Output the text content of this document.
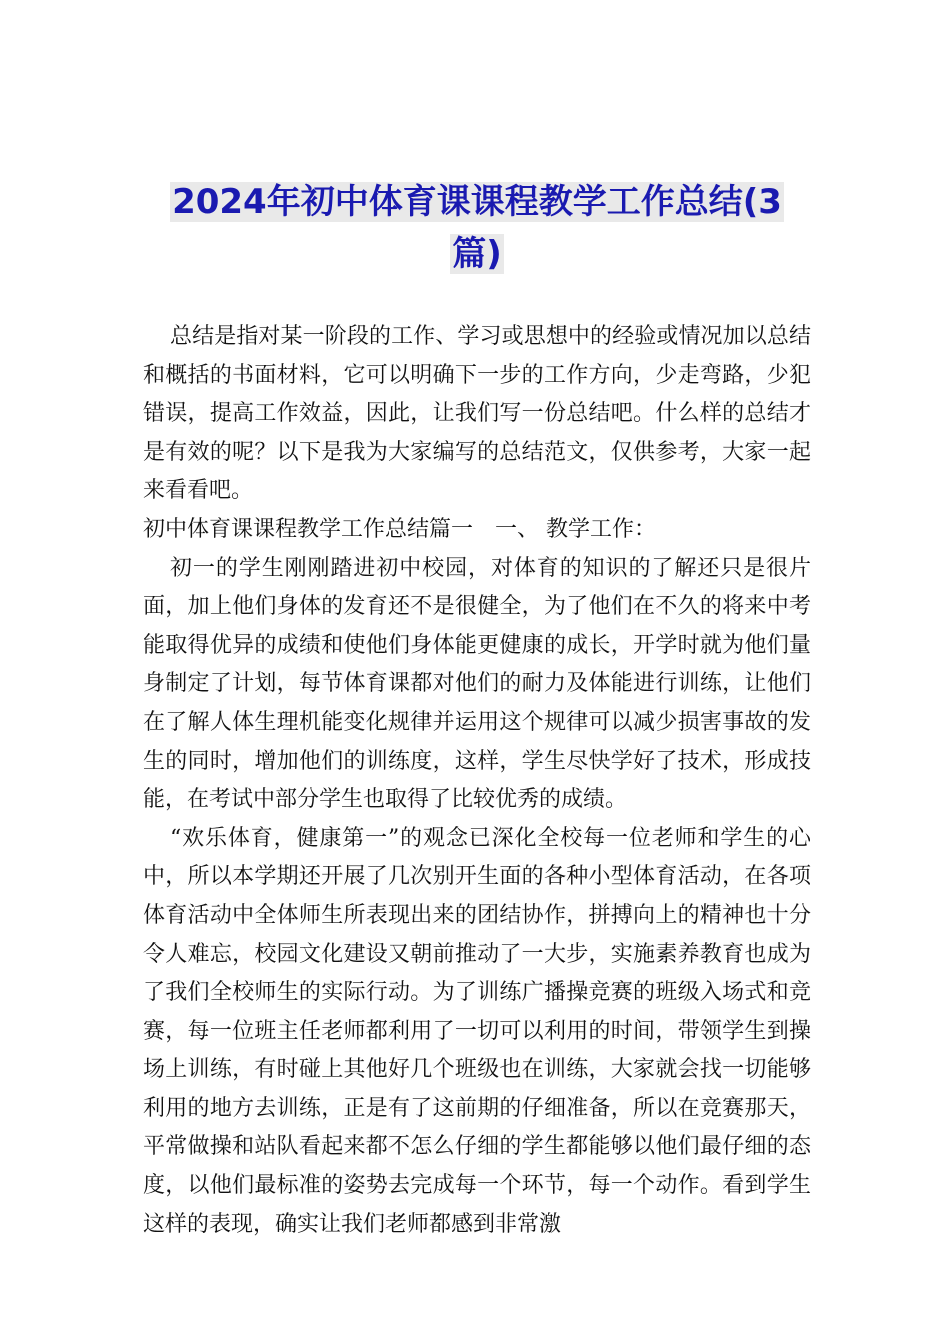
2024年初中体育课课程教学工作总结(3
篇)

总结是指对某一阶段的工作、学习或思想中的经验或情况加以总结和概括的书面材料，它可以明确下一步的工作方向，少走弯路，少犯错误，提高工作效益，因此，让我们写一份总结吧。什么样的总结才是有效的呢？以下是我为大家编写的总结范文，仅供参考，大家一起来看看吧。

初中体育课课程教学工作总结篇一　一、 教学工作：

初一的学生刚刚踏进初中校园，对体育的知识的了解还只是很片面，加上他们身体的发育还不是很健全，为了他们在不久的将来中考能取得优异的成绩和使他们身体能更健康的成长，开学时就为他们量身制定了计划，每节体育课都对他们的耐力及体能进行训练，让他们在了解人体生理机能变化规律并运用这个规律可以减少损害事故的发生的同时，增加他们的训练度，这样，学生尽快学好了技术，形成技能，在考试中部分学生也取得了比较优秀的成绩。

“欢乐体育，健康第一”的观念已深化全校每一位老师和学生的心中，所以本学期还开展了几次别开生面的各种小型体育活动，在各项体育活动中全体师生所表现出来的团结协作，拼搏向上的精神也十分令人难忘，校园文化建设又朝前推动了一大步，实施素养教育也成为了我们全校师生的实际行动。为了训练广播操竞赛的班级入场式和竞赛，每一位班主任老师都利用了一切可以利用的时间，带领学生到操场上训练，有时碰上其他好几个班级也在训练，大家就会找一切能够利用的地方去训练，正是有了这前期的仔细准备，所以在竞赛那天，平常做操和站队看起来都不怎么仔细的学生都能够以他们最仔细的态度，以他们最标准的姿势去完成每一个环节，每一个动作。看到学生这样的表现，确实让我们老师都感到非常激
